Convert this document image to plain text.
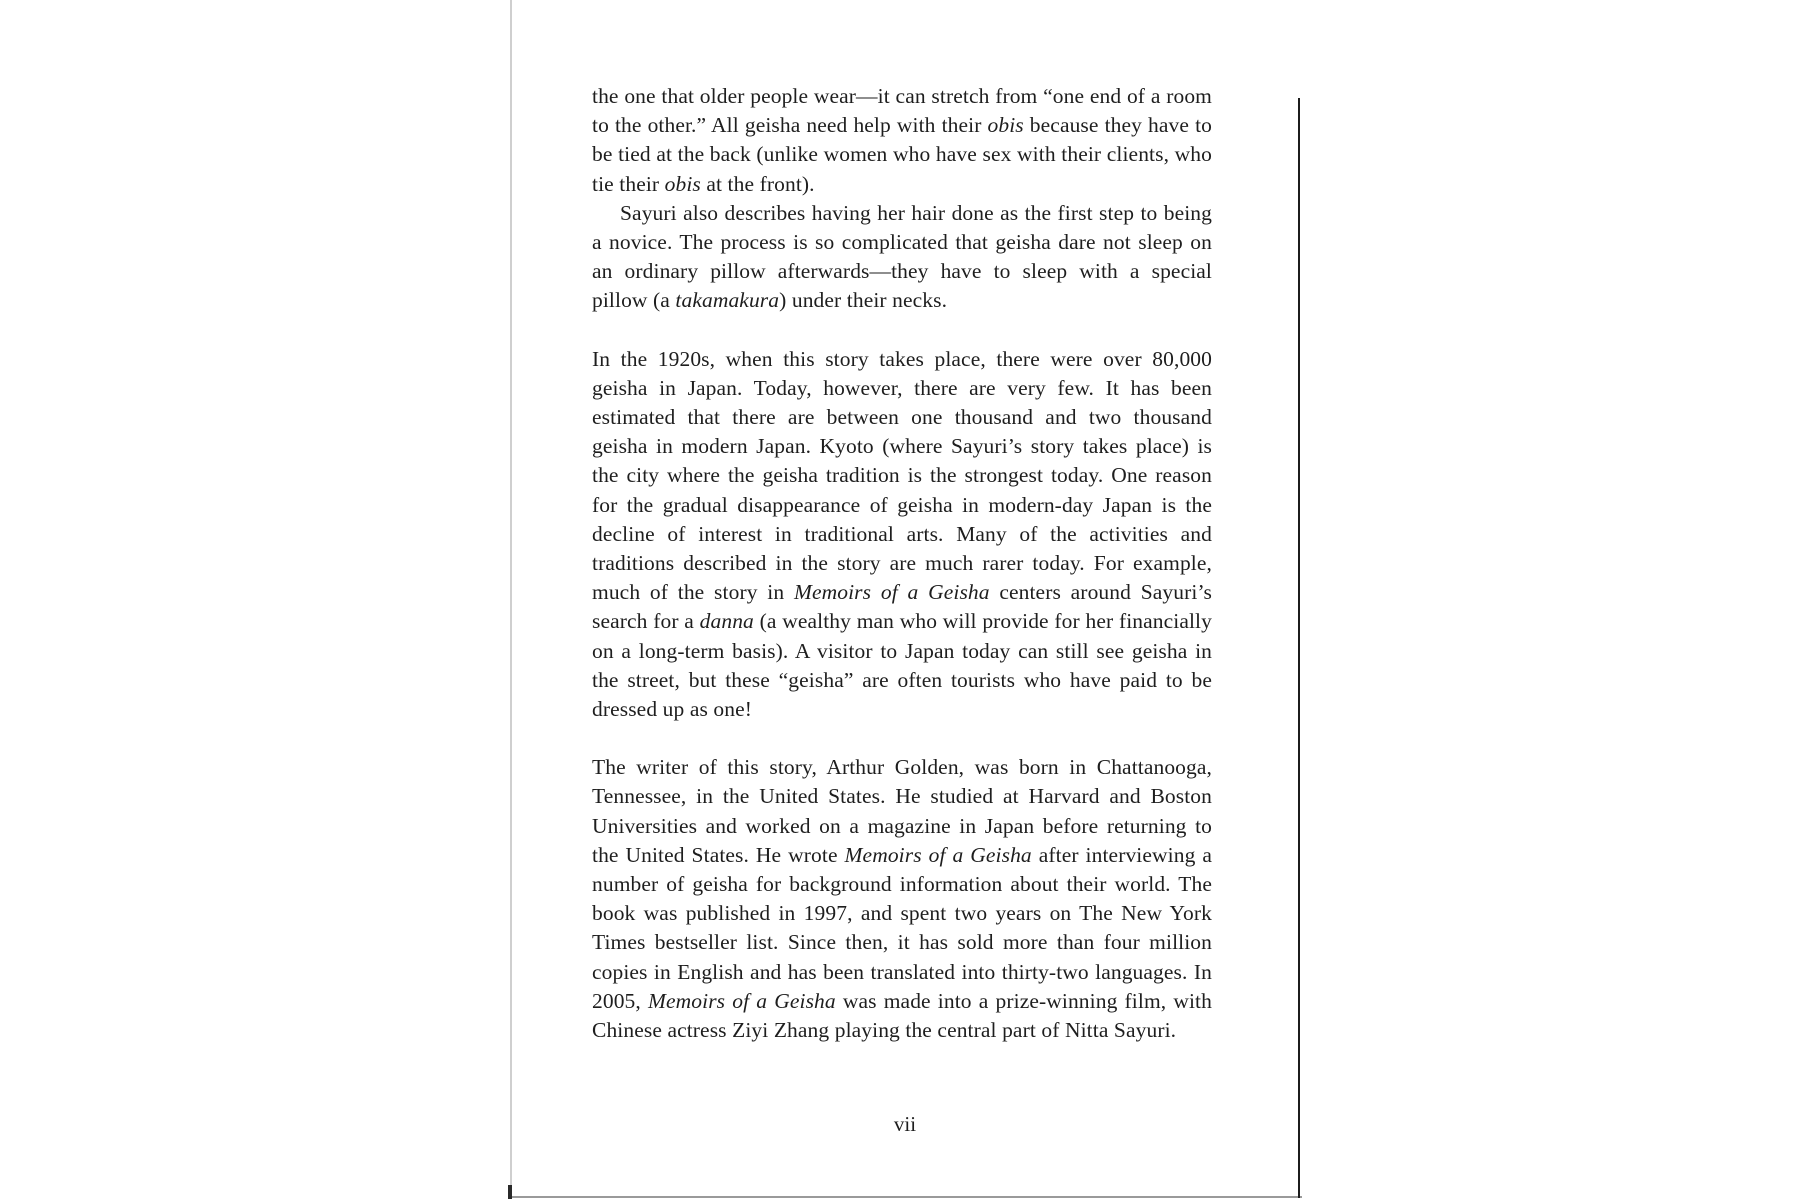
the one that older people wear—it can stretch from “one end of a room to the other.” All geisha need help with their obis because they have to be tied at the back (unlike women who have sex with their clients, who tie their obis at the front).

Sayuri also describes having her hair done as the first step to being a novice. The process is so complicated that geisha dare not sleep on an ordinary pillow afterwards—they have to sleep with a special pillow (a takamakura) under their necks.

In the 1920s, when this story takes place, there were over 80,000 geisha in Japan. Today, however, there are very few. It has been estimated that there are between one thousand and two thousand geisha in modern Japan. Kyoto (where Sayuri’s story takes place) is the city where the geisha tradition is the strongest today. One reason for the gradual disappearance of geisha in modern-day Japan is the decline of interest in traditional arts. Many of the activities and traditions described in the story are much rarer today. For example, much of the story in Memoirs of a Geisha centers around Sayuri’s search for a danna (a wealthy man who will provide for her financially on a long-term basis). A visitor to Japan today can still see geisha in the street, but these “geisha” are often tourists who have paid to be dressed up as one!

The writer of this story, Arthur Golden, was born in Chattanooga, Tennessee, in the United States. He studied at Harvard and Boston Universities and worked on a magazine in Japan before returning to the United States. He wrote Memoirs of a Geisha after interviewing a number of geisha for background information about their world. The book was published in 1997, and spent two years on The New York Times bestseller list. Since then, it has sold more than four million copies in English and has been translated into thirty-two languages. In 2005, Memoirs of a Geisha was made into a prize-winning film, with Chinese actress Ziyi Zhang playing the central part of Nitta Sayuri.

vii
